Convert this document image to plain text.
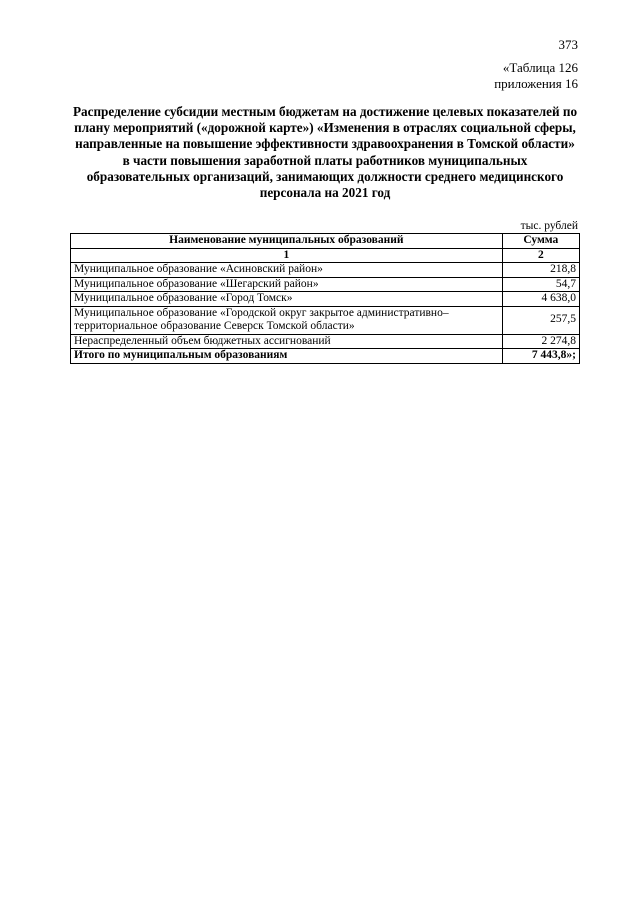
373
«Таблица 126
приложения 16
Распределение субсидии местным бюджетам на достижение целевых показателей по плану мероприятий («дорожной карте») «Изменения в отраслях социальной сферы, направленные на повышение эффективности здравоохранения в Томской области» в части повышения заработной платы работников муниципальных образовательных организаций, занимающих должности среднего медицинского персонала на 2021 год
тыс. рублей
Наименование муниципальных образований	Сумма
1	2
Муниципальное образование «Асиновский район»	218,8
Муниципальное образование «Шегарский район»	54,7
Муниципальное образование «Город Томск»	4 638,0
Муниципальное образование «Городской округ закрытое административно–территориальное образование Северск Томской области»	257,5
Нераспределенный объем бюджетных ассигнований	2 274,8
Итого по муниципальным образованиям	7 443,8»;
